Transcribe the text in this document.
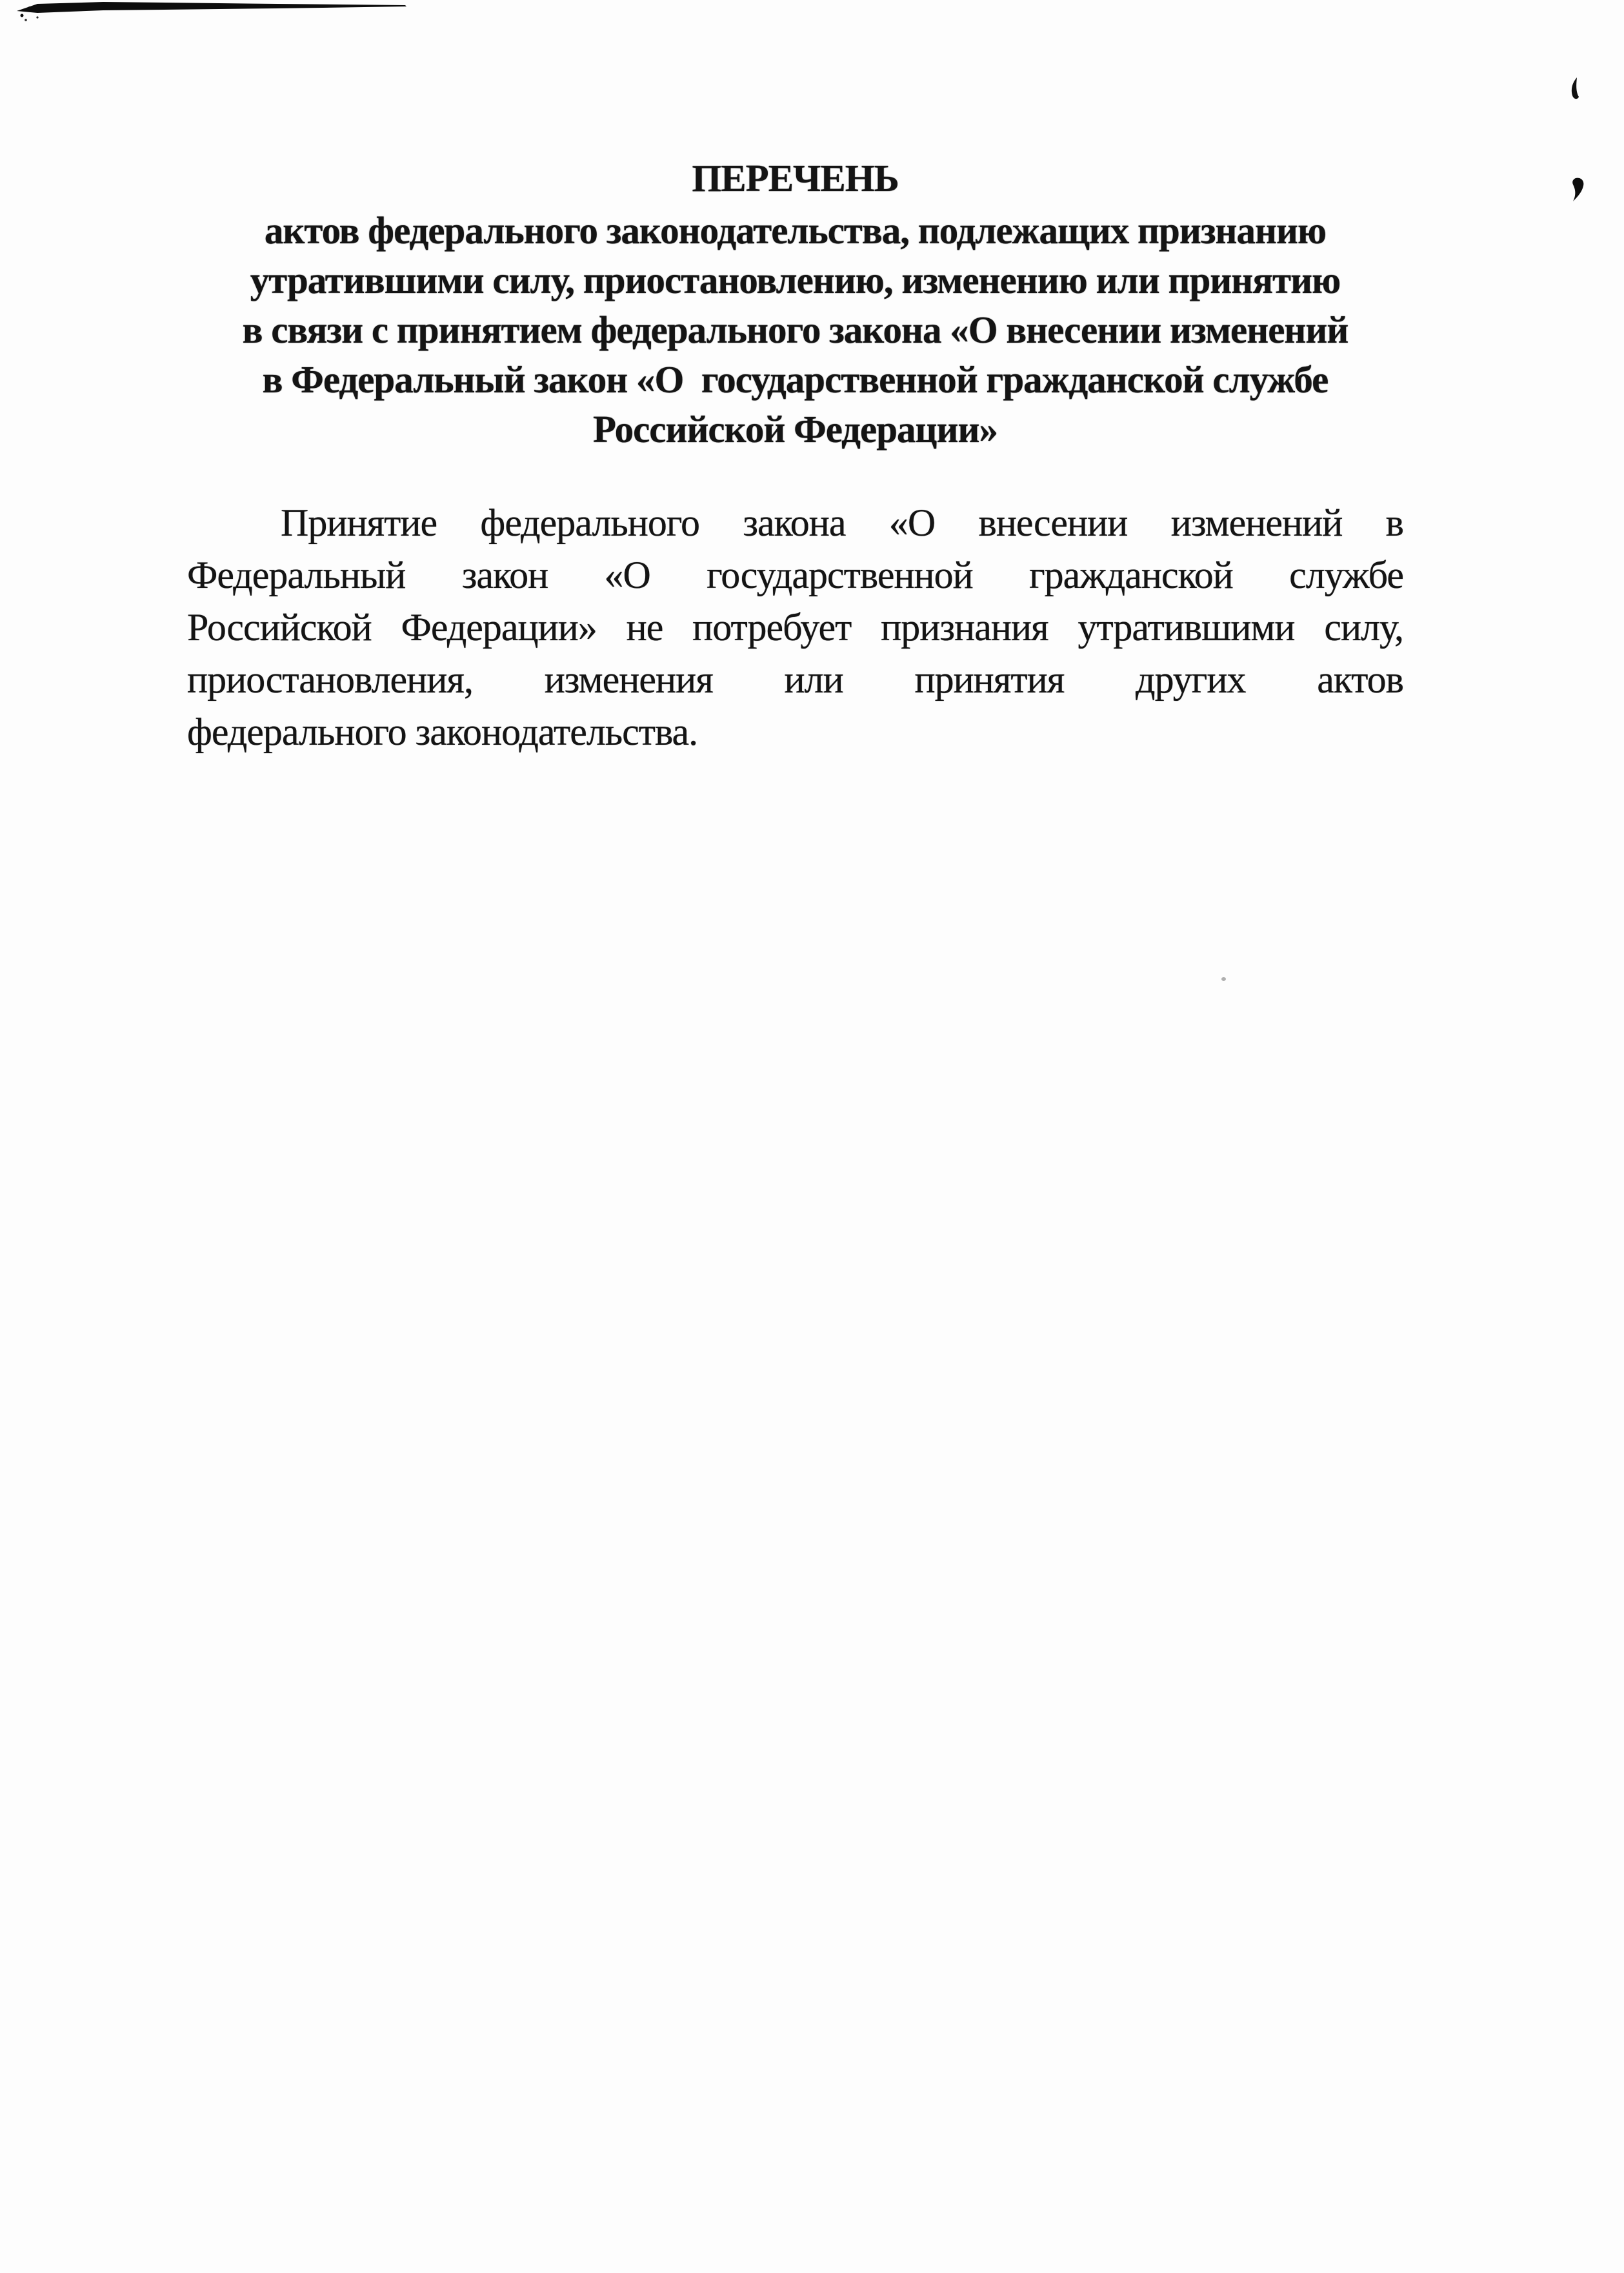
ПЕРЕЧЕНЬ
актов федерального законодательства, подлежащих признанию
утратившими силу, приостановлению, изменению или принятию
в связи с принятием федерального закона «О внесении изменений
в Федеральный закон «О  государственной гражданской службе
Российской Федерации»
Принятие федерального закона «О внесении изменений в
Федеральный закон «О государственной гражданской службе
Российской Федерации» не потребует признания утратившими силу,
приостановления, изменения или принятия других актов
федерального законодательства.
